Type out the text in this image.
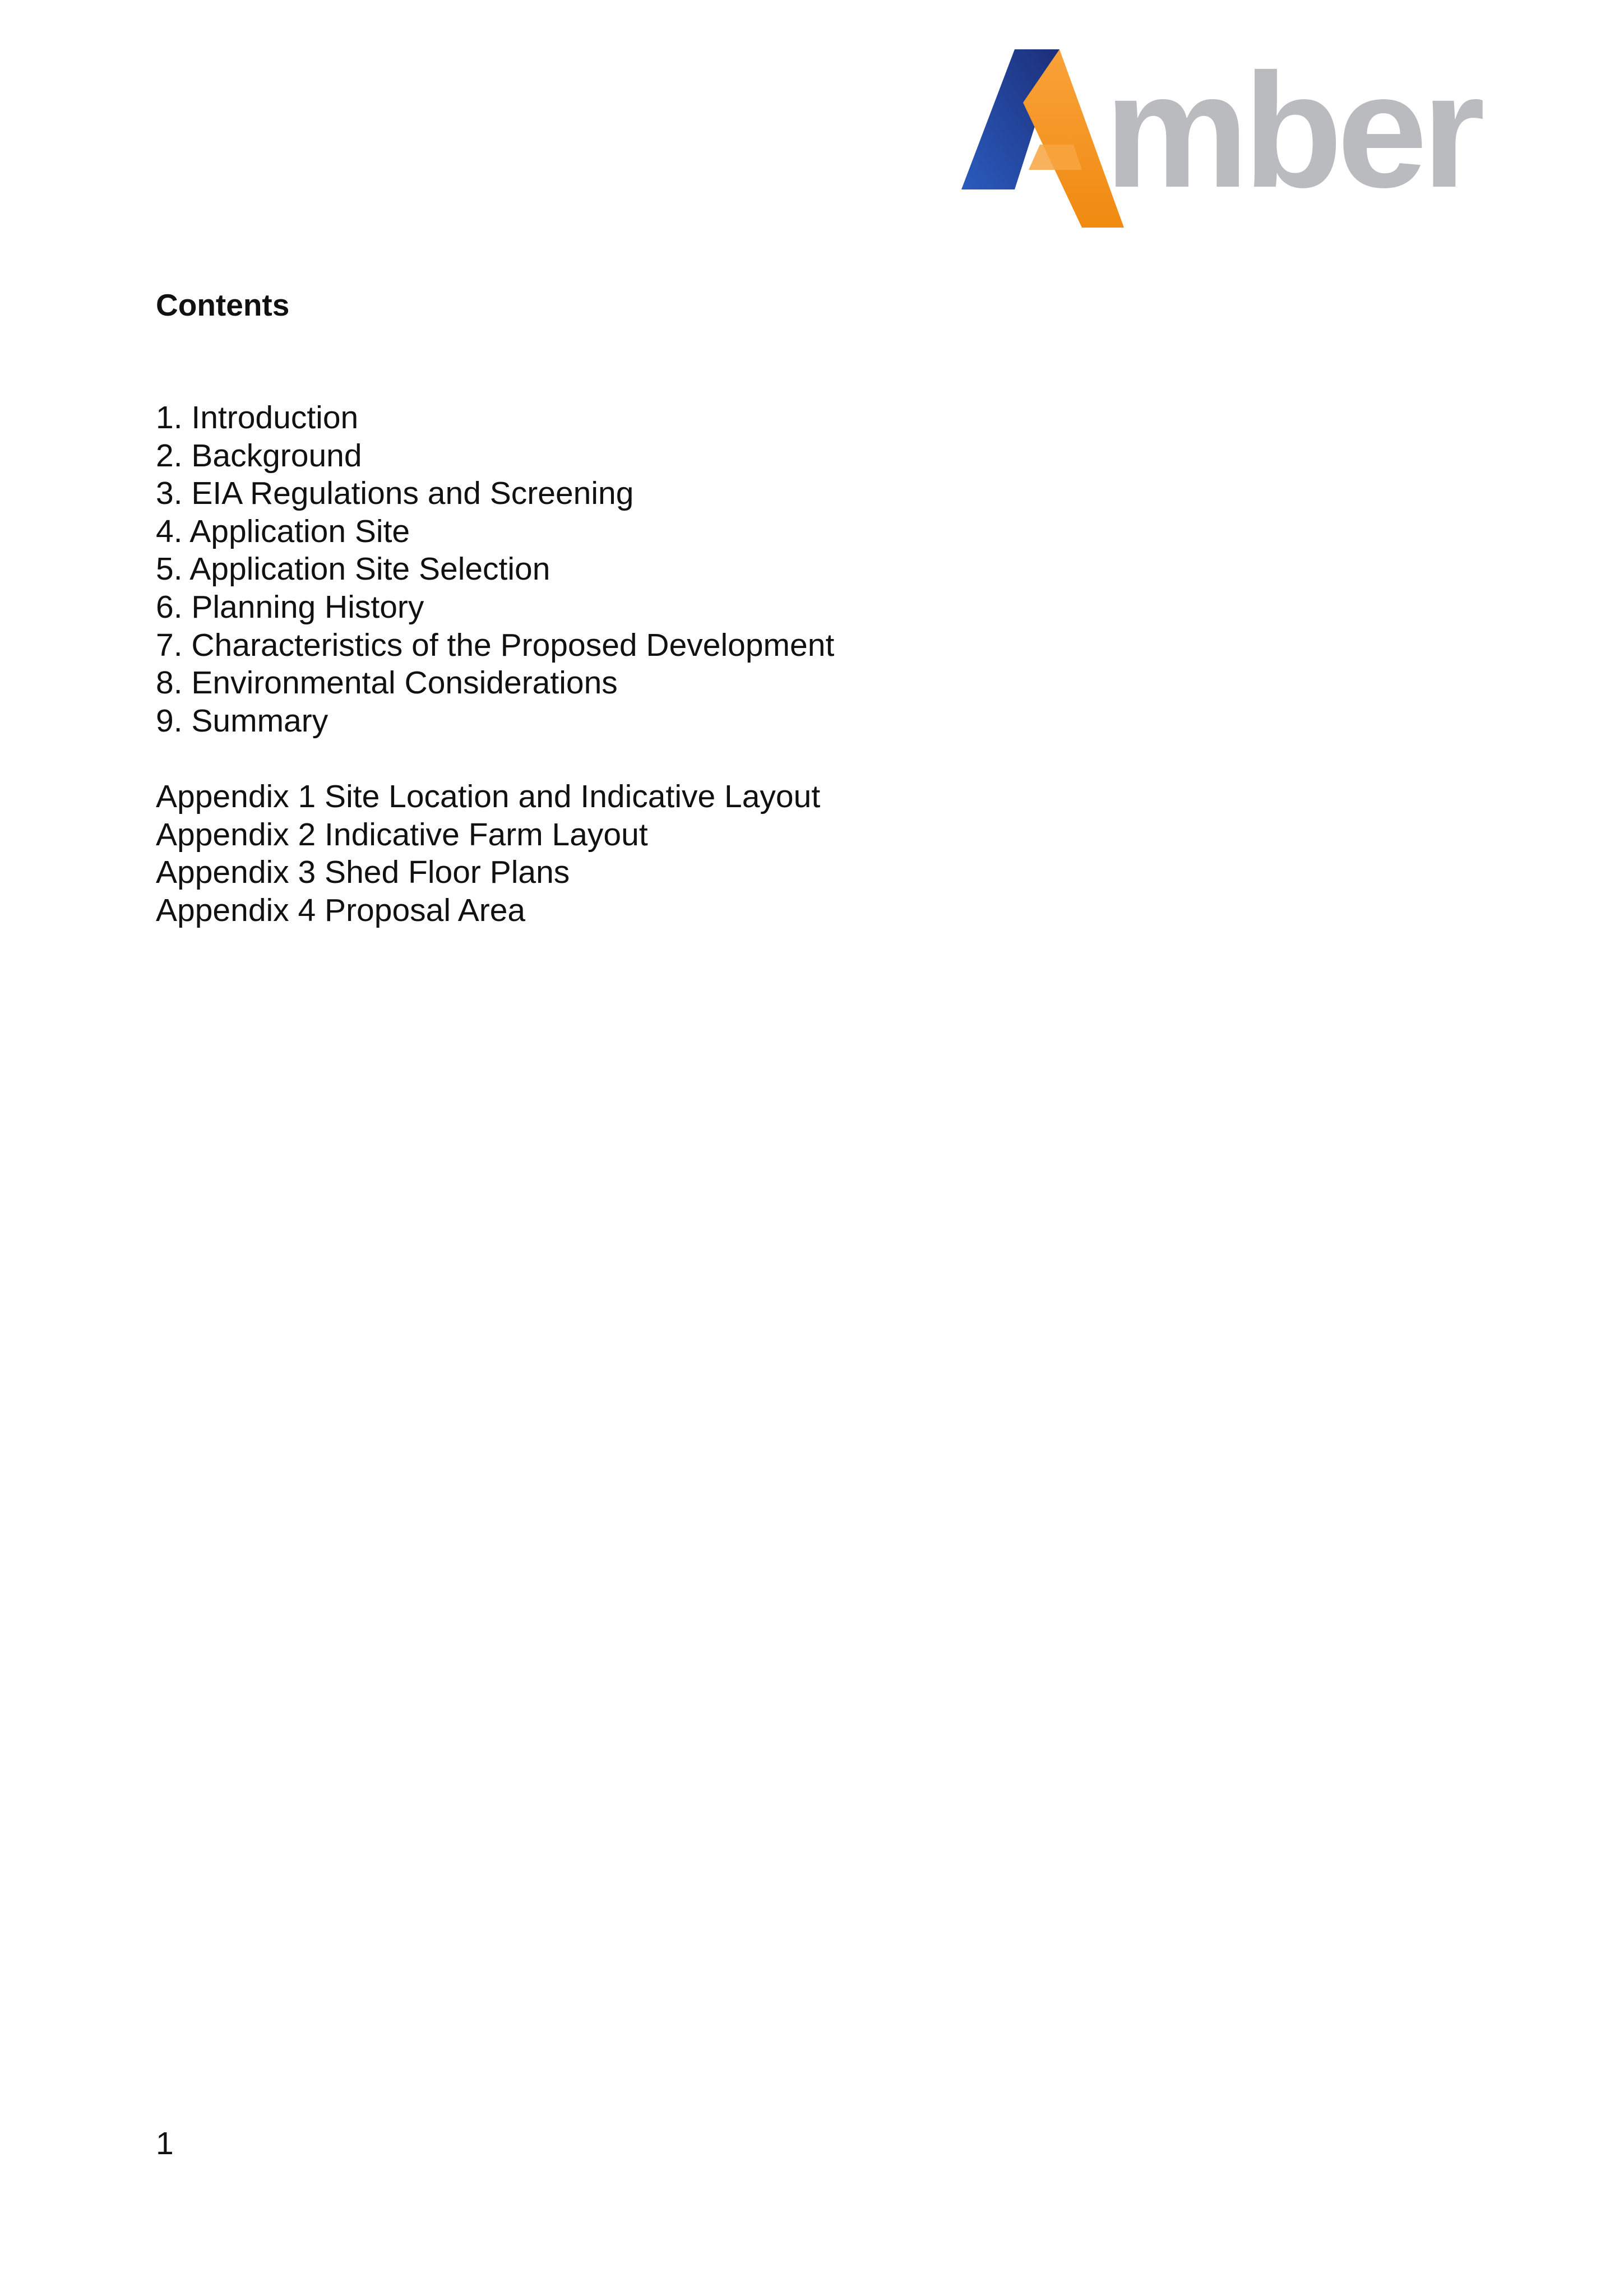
mber
Contents
1. Introduction
2. Background
3. EIA Regulations and Screening
4. Application Site
5. Application Site Selection
6. Planning History
7. Characteristics of the Proposed Development
8. Environmental Considerations
9. Summary
Appendix 1 Site Location and Indicative Layout
Appendix 2 Indicative Farm Layout
Appendix 3 Shed Floor Plans
Appendix 4 Proposal Area
1
